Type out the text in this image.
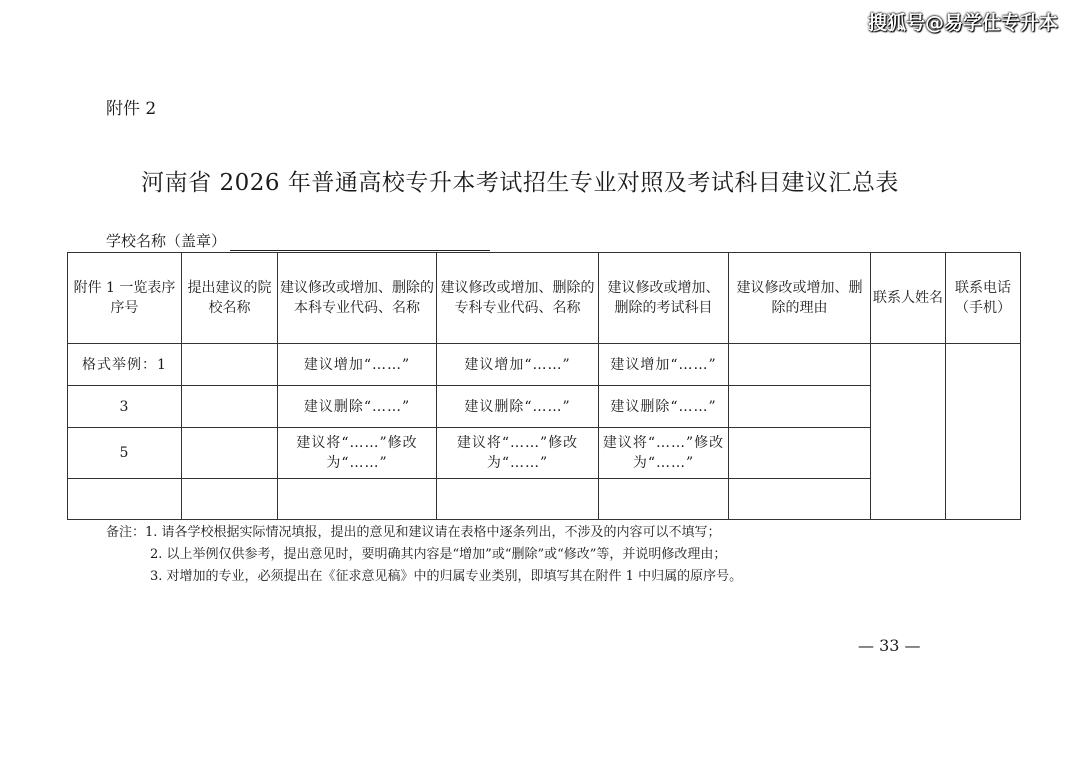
搜狐号@易学仕专升本
附件 2
河南省 2026 年普通高校专升本考试招生专业对照及考试科目建议汇总表
学校名称（盖章）
附件 1 一览表序序号	提出建议的院校名称	建议修改或增加、删除的本科专业代码、名称	建议修改或增加、删除的专科专业代码、名称	建议修改或增加、删除的考试科目	建议修改或增加、删除的理由	联系人姓名	联系电话（手机）
格式举例：1		建议增加“……”	建议增加“……”	建议增加“……”			
3		建议删除“……”	建议删除“……”	建议删除“……”			
5		建议将“……”修改为“……”	建议将“……”修改为“……”	建议将“……”修改为“……”			

备注：1. 请各学校根据实际情况填报，提出的意见和建议请在表格中逐条列出，不涉及的内容可以不填写；
2. 以上举例仅供参考，提出意见时，要明确其内容是“增加”或“删除”或“修改”等，并说明修改理由；
3. 对增加的专业，必须提出在《征求意见稿》中的归属专业类别，即填写其在附件 1 中归属的原序号。
— 33 —
